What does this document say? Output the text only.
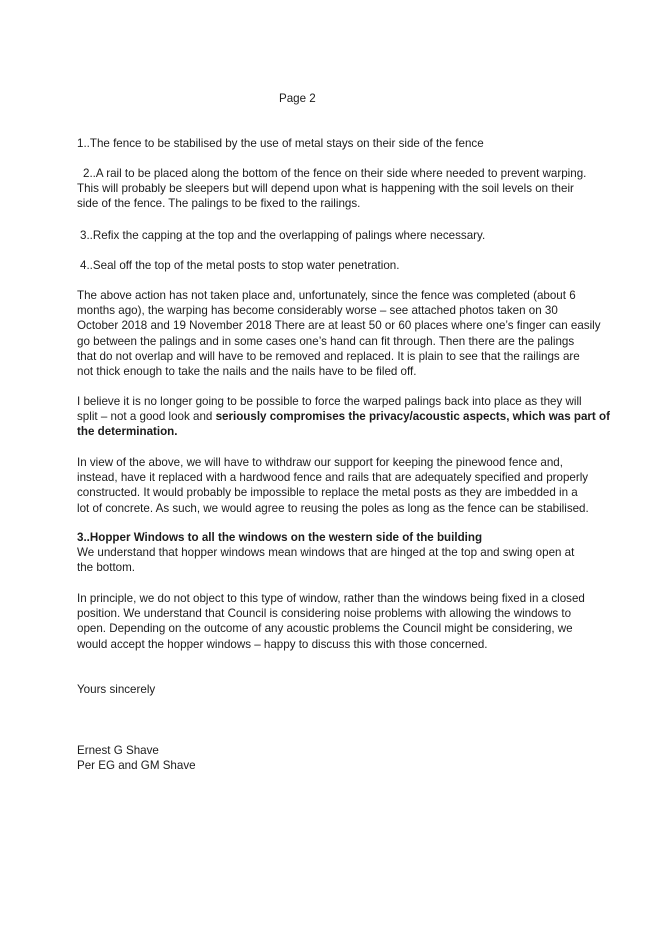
Page 2

1..The fence to be stabilised by the use of metal stays on their side of the fence

2..A rail to be placed along the bottom of the fence on their side where needed to prevent warping.

This will probably be sleepers but will depend upon what is happening with the soil levels on their

side of the fence. The palings to be fixed to the railings.

3..Refix the capping at the top and the overlapping of palings where necessary.

4..Seal off the top of the metal posts to stop water penetration.

The above action has not taken place and, unfortunately, since the fence was completed (about 6

months ago), the warping has become considerably worse – see attached photos taken on 30

October 2018 and 19 November 2018 There are at least 50 or 60 places where one’s finger can easily

go between the palings and in some cases one’s hand can fit through. Then there are the palings

that do not overlap and will have to be removed and replaced. It is plain to see that the railings are

not thick enough to take the nails and the nails have to be filed off.

I believe it is no longer going to be possible to force the warped palings back into place as they will

split – not a good look and seriously compromises the privacy/acoustic aspects, which was part of

the determination.

In view of the above, we will have to withdraw our support for keeping the pinewood fence and,

instead, have it replaced with a hardwood fence and rails that are adequately specified and properly

constructed. It would probably be impossible to replace the metal posts as they are imbedded in a

lot of concrete. As such, we would agree to reusing the poles as long as the fence can be stabilised.

3..Hopper Windows to all the windows on the western side of the building

We understand that hopper windows mean windows that are hinged at the top and swing open at

the bottom.

In principle, we do not object to this type of window, rather than the windows being fixed in a closed

position. We understand that Council is considering noise problems with allowing the windows to

open. Depending on the outcome of any acoustic problems the Council might be considering, we

would accept the hopper windows – happy to discuss this with those concerned.

Yours sincerely

Ernest G Shave

Per EG and GM Shave
